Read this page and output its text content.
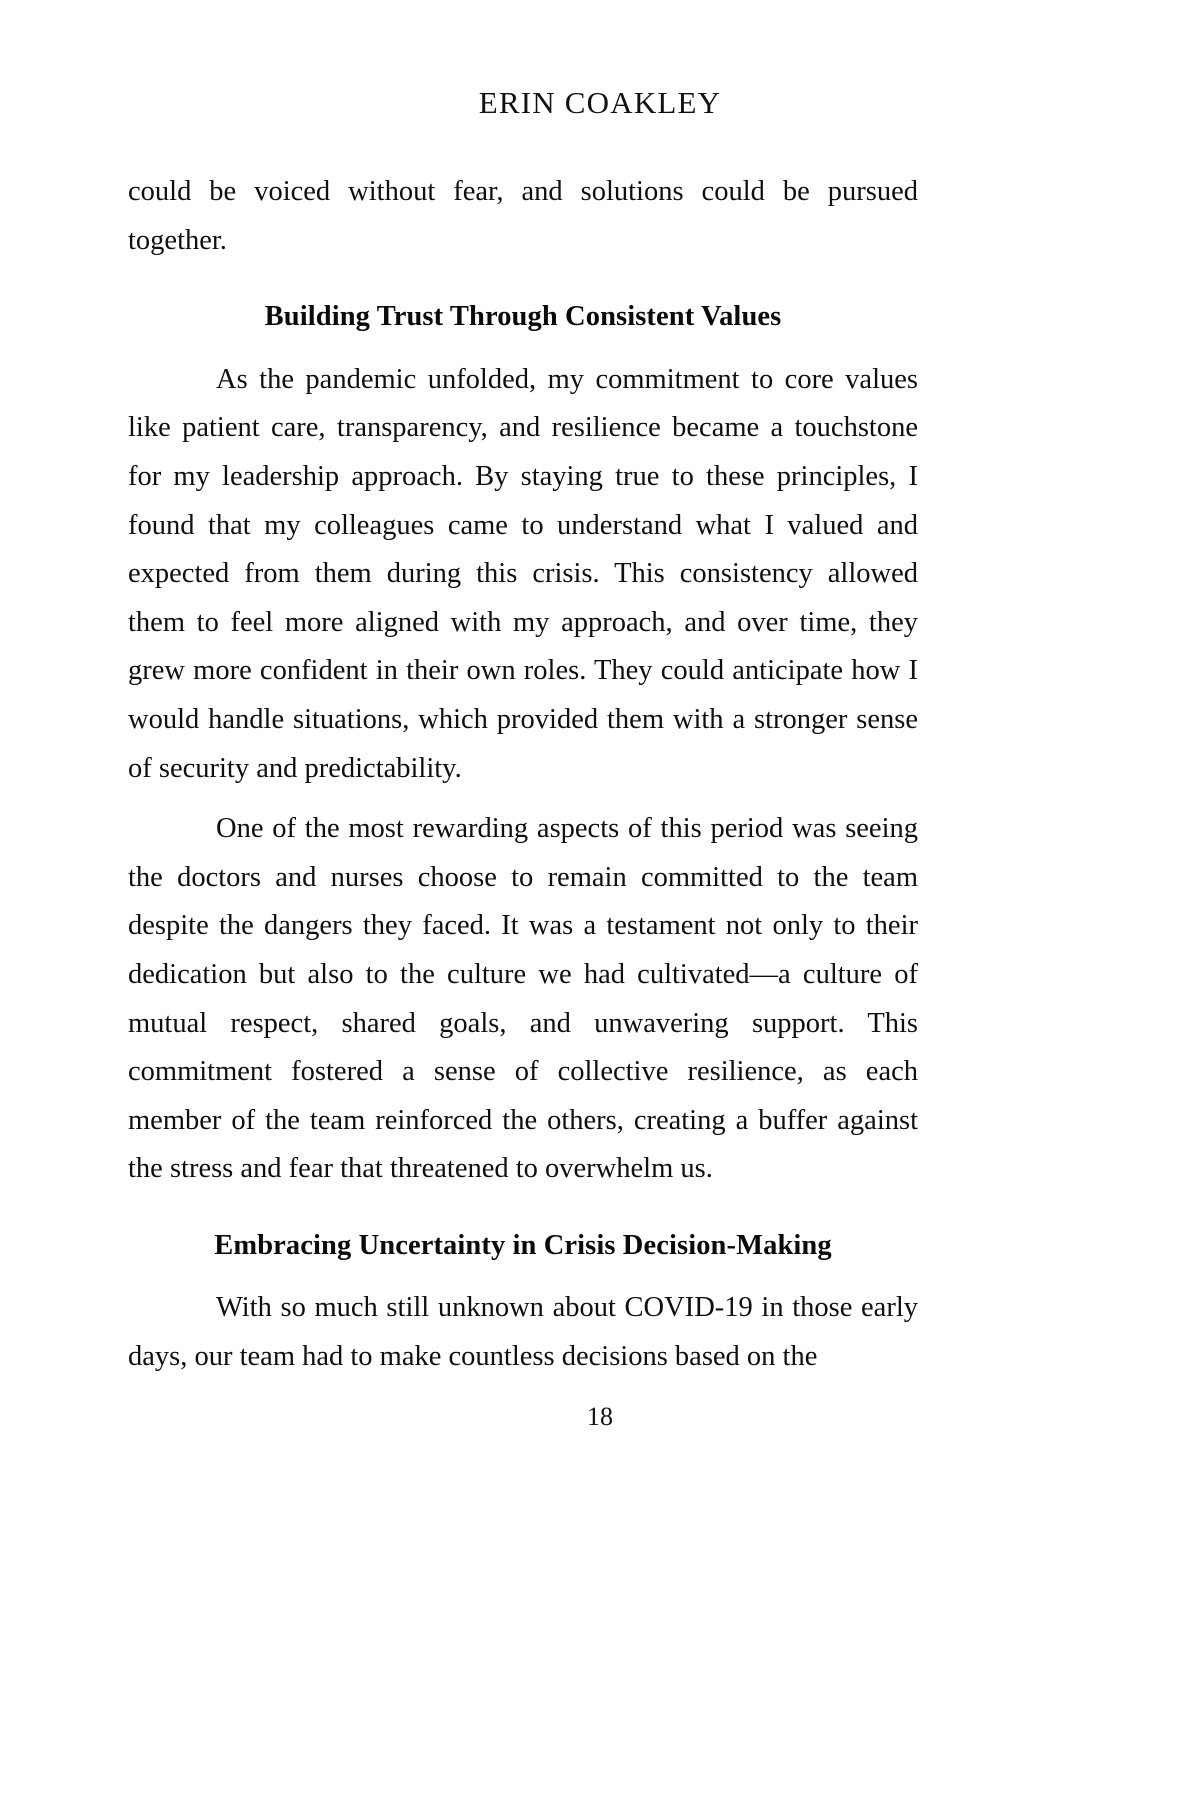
ERIN COAKLEY

could be voiced without fear, and solutions could be pursued together.

Building Trust Through Consistent Values

As the pandemic unfolded, my commitment to core values like patient care, transparency, and resilience became a touchstone for my leadership approach. By staying true to these principles, I found that my colleagues came to understand what I valued and expected from them during this crisis. This consistency allowed them to feel more aligned with my approach, and over time, they grew more confident in their own roles. They could anticipate how I would handle situations, which provided them with a stronger sense of security and predictability.

One of the most rewarding aspects of this period was seeing the doctors and nurses choose to remain committed to the team despite the dangers they faced. It was a testament not only to their dedication but also to the culture we had cultivated—a culture of mutual respect, shared goals, and unwavering support. This commitment fostered a sense of collective resilience, as each member of the team reinforced the others, creating a buffer against the stress and fear that threatened to overwhelm us.

Embracing Uncertainty in Crisis Decision-Making

With so much still unknown about COVID-19 in those early days, our team had to make countless decisions based on the

18
